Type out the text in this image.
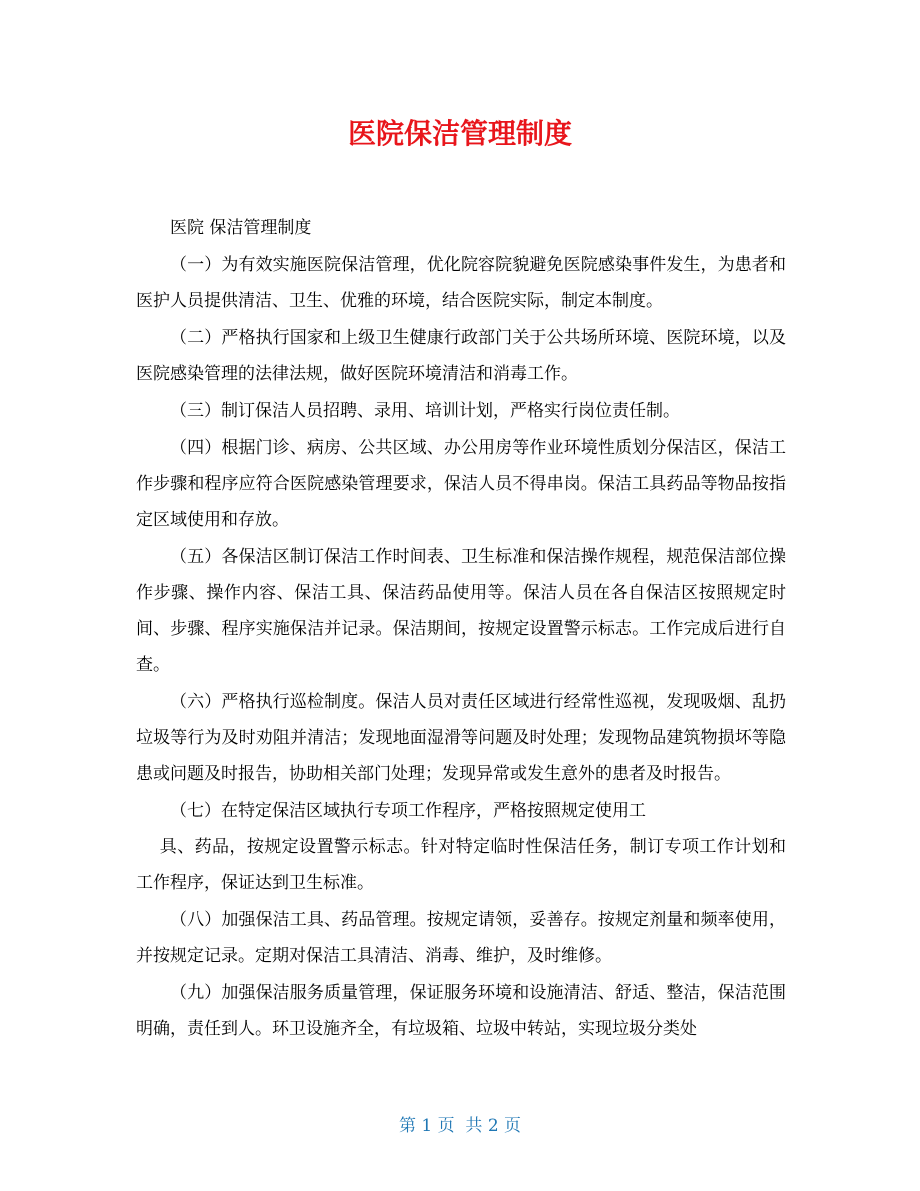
医院保洁管理制度

医院 保洁管理制度

（一）为有效实施医院保洁管理，优化院容院貌避免医院感染事件发生，为患者和医护人员提供清洁、卫生、优雅的环境，结合医院实际，制定本制度。

（二）严格执行国家和上级卫生健康行政部门关于公共场所环境、医院环境，以及医院感染管理的法律法规，做好医院环境清洁和消毒工作。

（三）制订保洁人员招聘、录用、培训计划，严格实行岗位责任制。

（四）根据门诊、病房、公共区域、办公用房等作业环境性质划分保洁区，保洁工作步骤和程序应符合医院感染管理要求，保洁人员不得串岗。保洁工具药品等物品按指定区域使用和存放。

（五）各保洁区制订保洁工作时间表、卫生标准和保洁操作规程，规范保洁部位操作步骤、操作内容、保洁工具、保洁药品使用等。保洁人员在各自保洁区按照规定时间、步骤、程序实施保洁并记录。保洁期间，按规定设置警示标志。工作完成后进行自查。

（六）严格执行巡检制度。保洁人员对责任区域进行经常性巡视，发现吸烟、乱扔垃圾等行为及时劝阻并清洁；发现地面湿滑等问题及时处理；发现物品建筑物损坏等隐患或问题及时报告，协助相关部门处理；发现异常或发生意外的患者及时报告。

（七）在特定保洁区域执行专项工作程序，严格按照规定使用工

具、药品，按规定设置警示标志。针对特定临时性保洁任务，制订专项工作计划和工作程序，保证达到卫生标准。

（八）加强保洁工具、药品管理。按规定请领，妥善存。按规定剂量和频率使用，并按规定记录。定期对保洁工具清洁、消毒、维护，及时维修。

（九）加强保洁服务质量管理，保证服务环境和设施清洁、舒适、整洁，保洁范围明确，责任到人。环卫设施齐全，有垃圾箱、垃圾中转站，实现垃圾分类处

第 1 页  共 2 页
